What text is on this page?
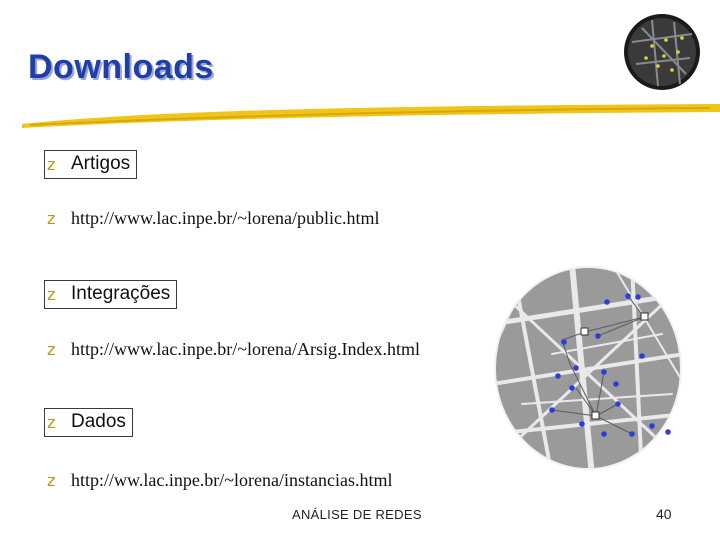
Downloads
z Artigos
z http://www.lac.inpe.br/~lorena/public.html
z Integrações
z http://www.lac.inpe.br/~lorena/Arsig.Index.html
z Dados
z http://ww.lac.inpe.br/~lorena/instancias.html
ANÁLISE DE REDES	40
